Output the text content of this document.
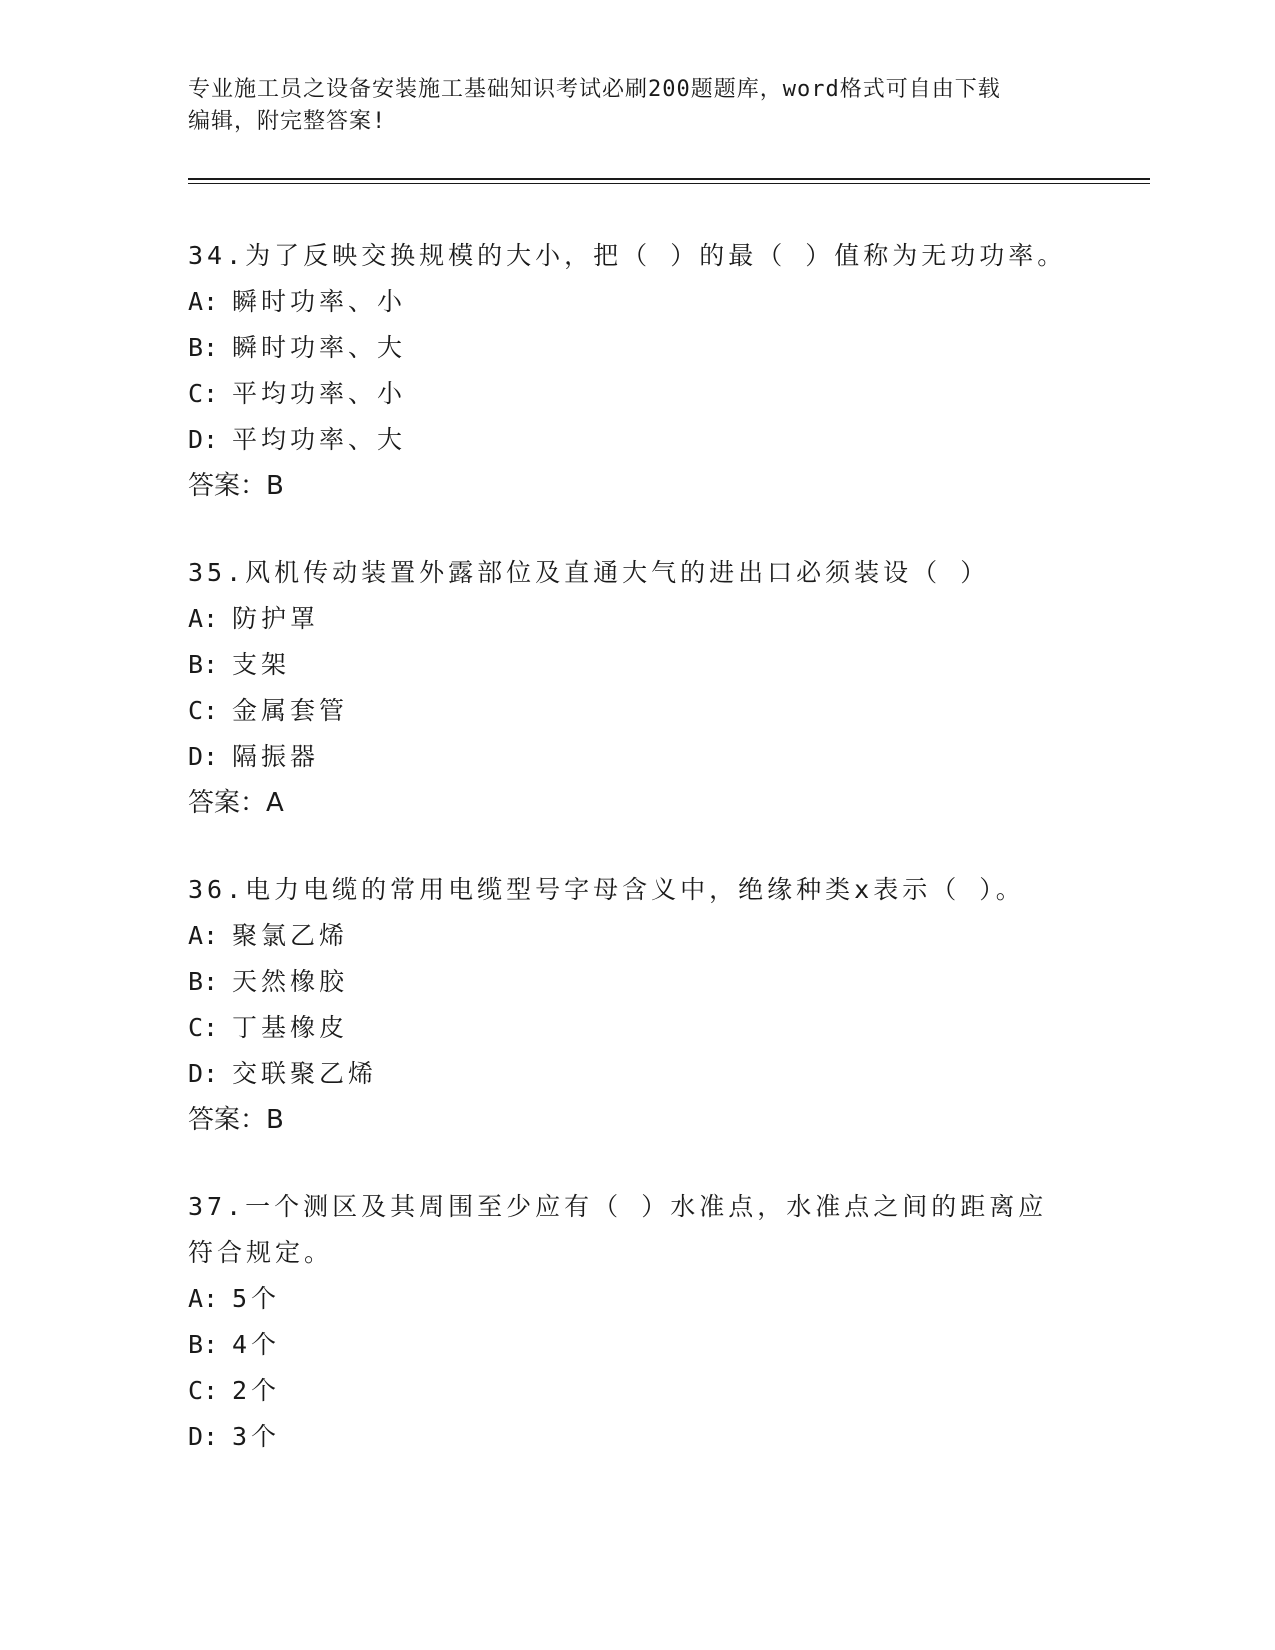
专业施工员之设备安装施工基础知识考试必刷200题题库，word格式可自由下载
编辑，附完整答案!

34.为了反映交换规模的大小，把（ ）的最（ ）值称为无功功率。

A: 瞬时功率、小
B: 瞬时功率、大
C: 平均功率、小
D: 平均功率、大
答案：B

35.风机传动装置外露部位及直通大气的进出口必须装设（ ）

A: 防护罩
B: 支架
C: 金属套管
D: 隔振器
答案：A

36.电力电缆的常用电缆型号字母含义中，绝缘种类x表示（ ）。

A: 聚氯乙烯
B: 天然橡胶
C: 丁基橡皮
D: 交联聚乙烯
答案：B

37.一个测区及其周围至少应有（ ）水准点，水准点之间的距离应符合规定。

A: 5个
B: 4个
C: 2个
D: 3个
